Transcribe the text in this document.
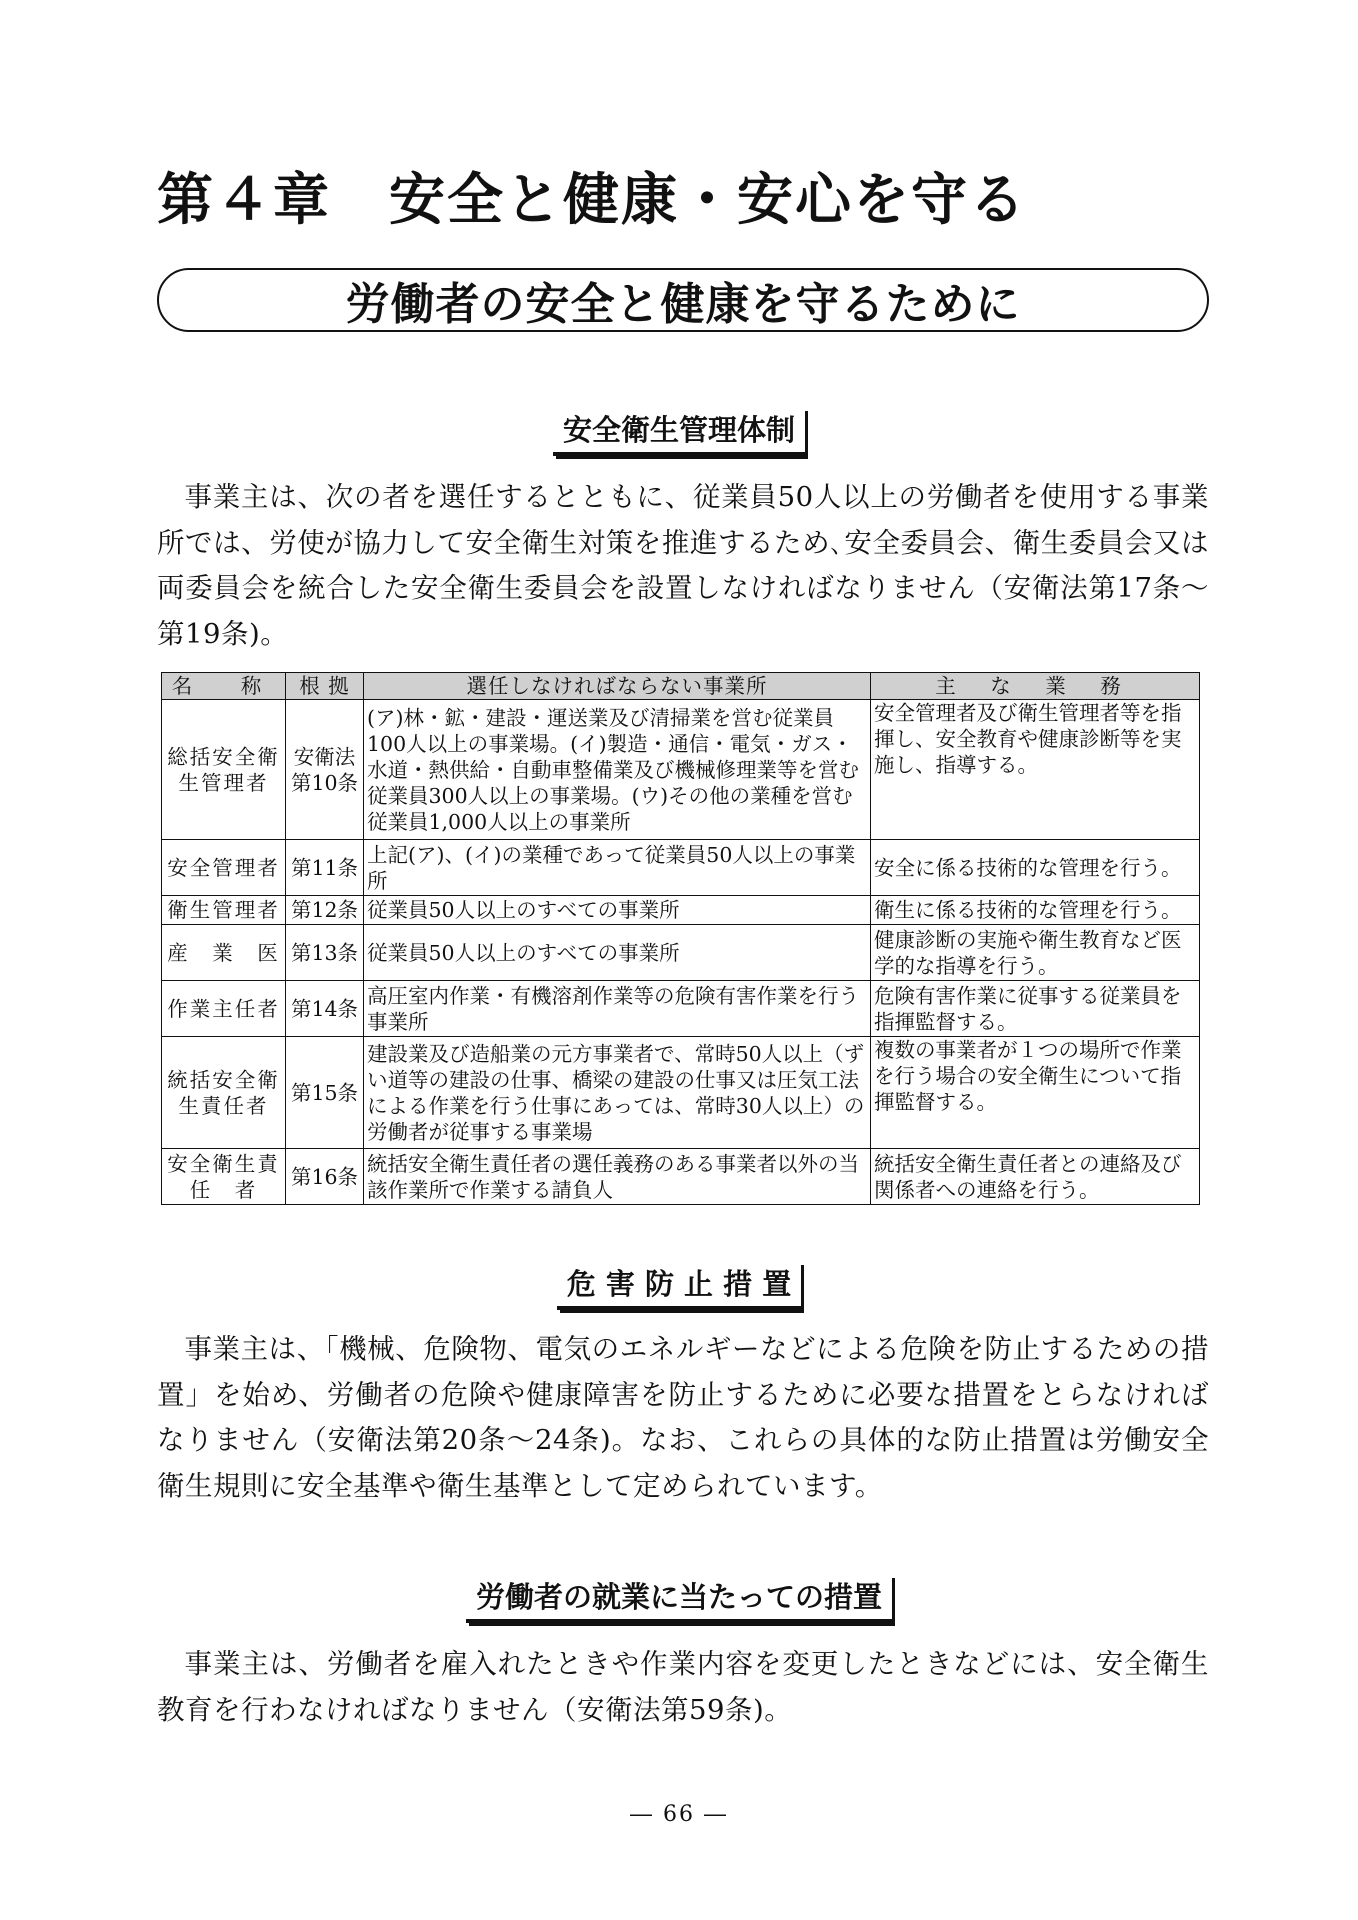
第４章　安全と健康・安心を守る
労働者の安全と健康を守るために
安全衛生管理体制

事業主は、次の者を選任するとともに、従業員50人以上の労働者を使用する事業所では、労使が協力して安全衛生対策を推進するため､安全委員会、衛生委員会又は両委員会を統合した安全衛生委員会を設置しなければなりません（安衛法第17条～第19条)。

名　称	根 拠	選任しなければならない事業所	主 な 業 務
総括安全衛生管理者	安衛法第10条	(ア)林・鉱・建設・運送業及び清掃業を営む従業員100人以上の事業場。(イ)製造・通信・電気・ガス・水道・熱供給・自動車整備業及び機械修理業等を営む従業員300人以上の事業場。(ウ)その他の業種を営む従業員1,000人以上の事業所	安全管理者及び衛生管理者等を指揮し、安全教育や健康診断等を実施し、指導する。
安全管理者	第11条	上記(ア)、(イ)の業種であって従業員50人以上の事業所	安全に係る技術的な管理を行う。
衛生管理者	第12条	従業員50人以上のすべての事業所	衛生に係る技術的な管理を行う。
産　業　医	第13条	従業員50人以上のすべての事業所	健康診断の実施や衛生教育など医学的な指導を行う。
作業主任者	第14条	高圧室内作業・有機溶剤作業等の危険有害作業を行う事業所	危険有害作業に従事する従業員を指揮監督する。
統括安全衛生責任者	第15条	建設業及び造船業の元方事業者で、常時50人以上（ずい道等の建設の仕事、橋梁の建設の仕事又は圧気工法による作業を行う仕事にあっては、常時30人以上）の労働者が従事する事業場	複数の事業者が１つの場所で作業を行う場合の安全衛生について指揮監督する。
安全衛生責　任　者	第16条	統括安全衛生責任者の選任義務のある事業者以外の当該作業所で作業する請負人	統括安全衛生責任者との連絡及び関係者への連絡を行う。
危 害 防 止 措 置

事業主は、「機械、危険物、電気のエネルギーなどによる危険を防止するための措置」を始め、労働者の危険や健康障害を防止するために必要な措置をとらなければなりません（安衛法第20条～24条)。なお、これらの具体的な防止措置は労働安全衛生規則に安全基準や衛生基準として定められています。

労働者の就業に当たっての措置

事業主は、労働者を雇入れたときや作業内容を変更したときなどには、安全衛生教育を行わなければなりません（安衛法第59条)。

― 66 ―
